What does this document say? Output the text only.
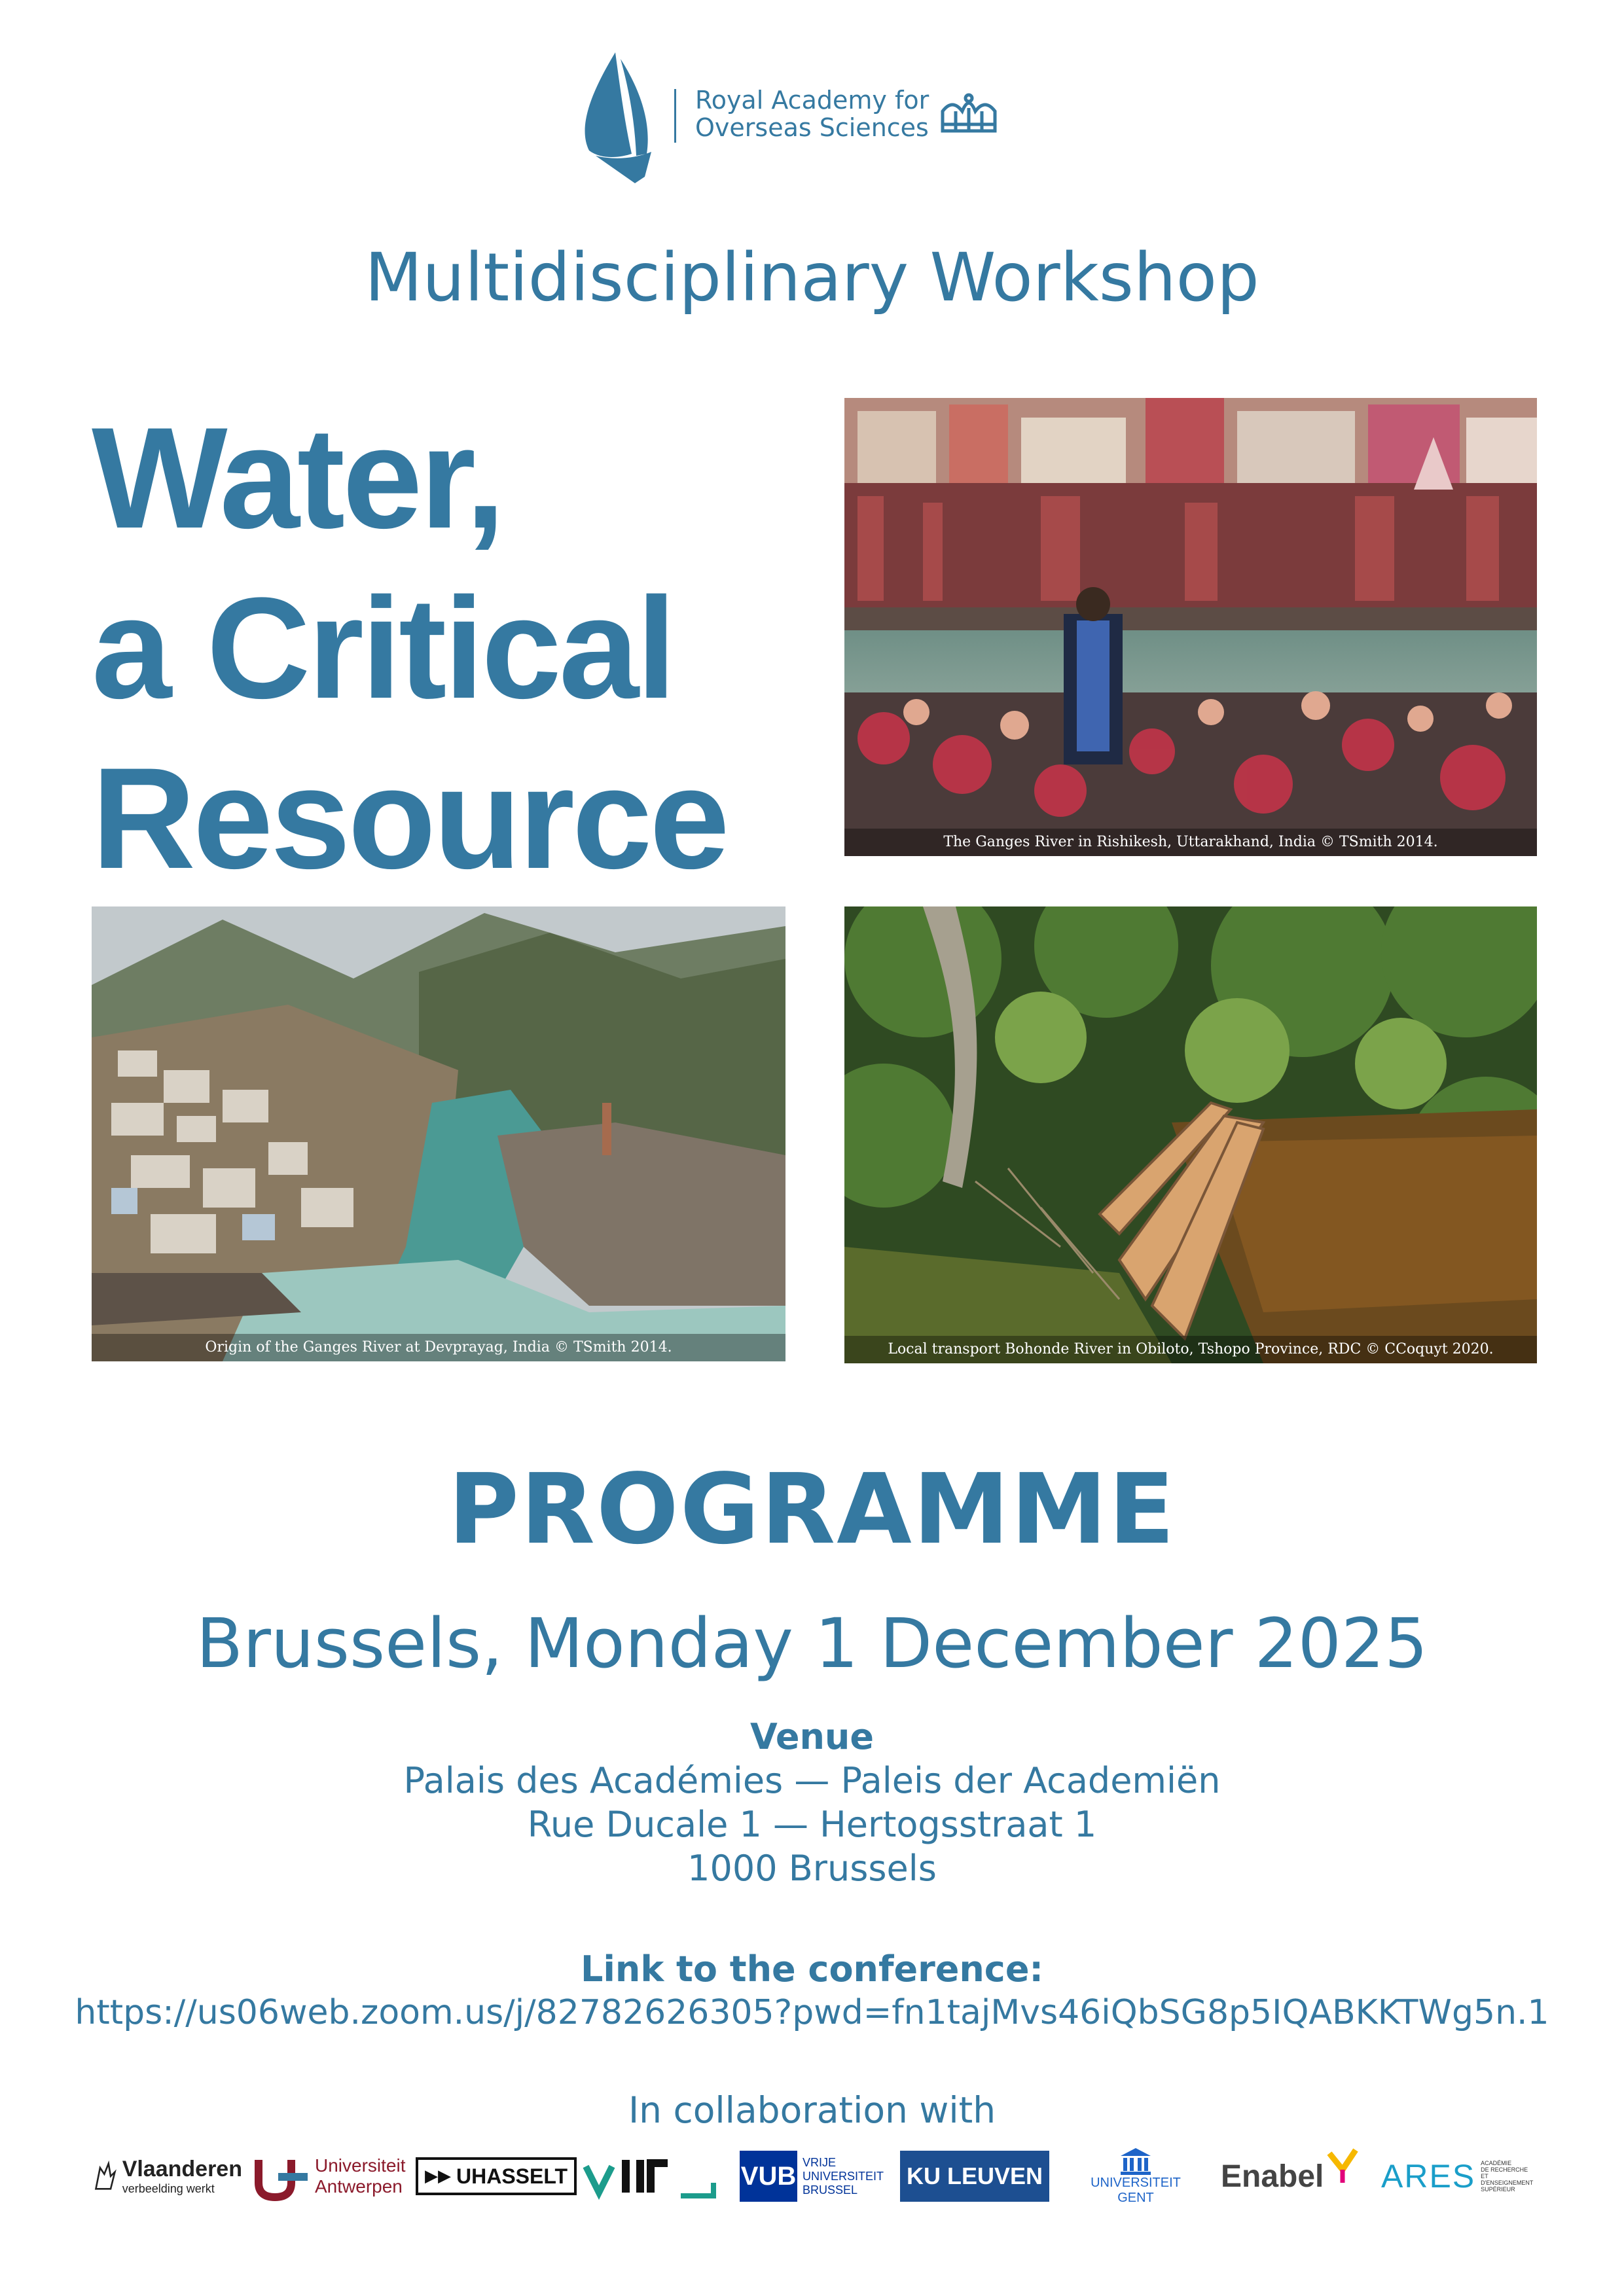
Royal Academy for
Overseas Sciences
Multidisciplinary Workshop
Water,
a Critical
Resource	The Ganges River in Rishikesh, Uttarakhand, India © TSmith 2014.
Origin of the Ganges River at Devprayag, India © TSmith 2014.	Local transport Bohonde River in Obiloto, Tshopo Province, RDC © CCoquyt 2020.
PROGRAMME
Brussels, Monday 1 December 2025
Venue
Palais des Académies — Paleis der Academiën
Rue Ducale 1 — Hertogsstraat 1
1000 Brussels
Link to the conference:
https://us06web.zoom.us/j/82782626305?pwd=fn1tajMvs46iQbSG8p5IQABKKTWg5n.1
In collaboration with
Vlaanderen
verbeelding werkt
Universiteit
Antwerpen ▶▶ UHASSELT	VUB VRIJE
UNIVERSITEIT
BRUSSEL
KU LEUVEN	UNIVERSITEIT
GENT
Enabel ARES ACADÉMIE
DE RECHERCHE ET
D'ENSEIGNEMENT
SUPÉRIEUR
